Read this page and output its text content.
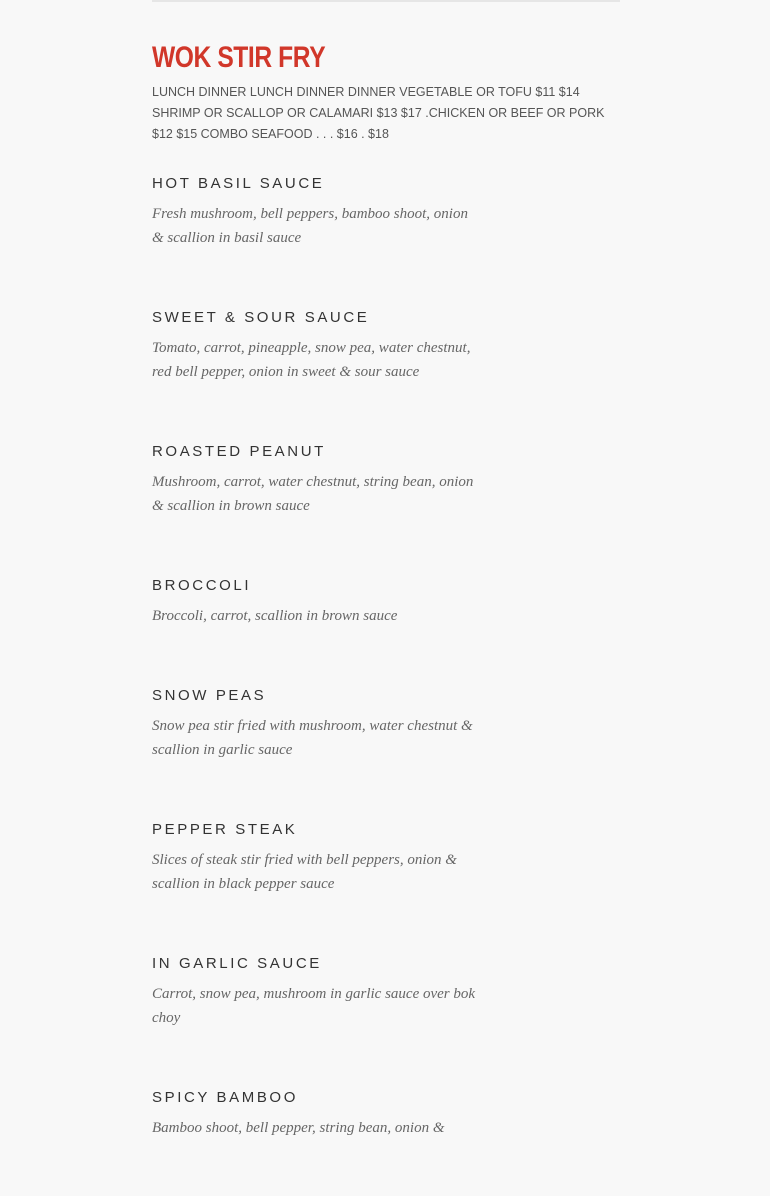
WOK STIR FRY

LUNCH DINNER LUNCH DINNER DINNER VEGETABLE OR TOFU $11 $14 SHRIMP OR SCALLOP OR CALAMARI $13 $17 .CHICKEN OR BEEF OR PORK $12 $15 COMBO SEAFOOD . . . $16 . $18

HOT BASIL SAUCE

Fresh mushroom, bell peppers, bamboo shoot, onion & scallion in basil sauce

SWEET & SOUR SAUCE

Tomato, carrot, pineapple, snow pea, water chestnut, red bell pepper, onion in sweet & sour sauce

ROASTED PEANUT

Mushroom, carrot, water chestnut, string bean, onion & scallion in brown sauce

BROCCOLI

Broccoli, carrot, scallion in brown sauce

SNOW PEAS

Snow pea stir fried with mushroom, water chestnut & scallion in garlic sauce

PEPPER STEAK

Slices of steak stir fried with bell peppers, onion & scallion in black pepper sauce

IN GARLIC SAUCE

Carrot, snow pea, mushroom in garlic sauce over bok choy

SPICY BAMBOO

Bamboo shoot, bell pepper, string bean, onion &
